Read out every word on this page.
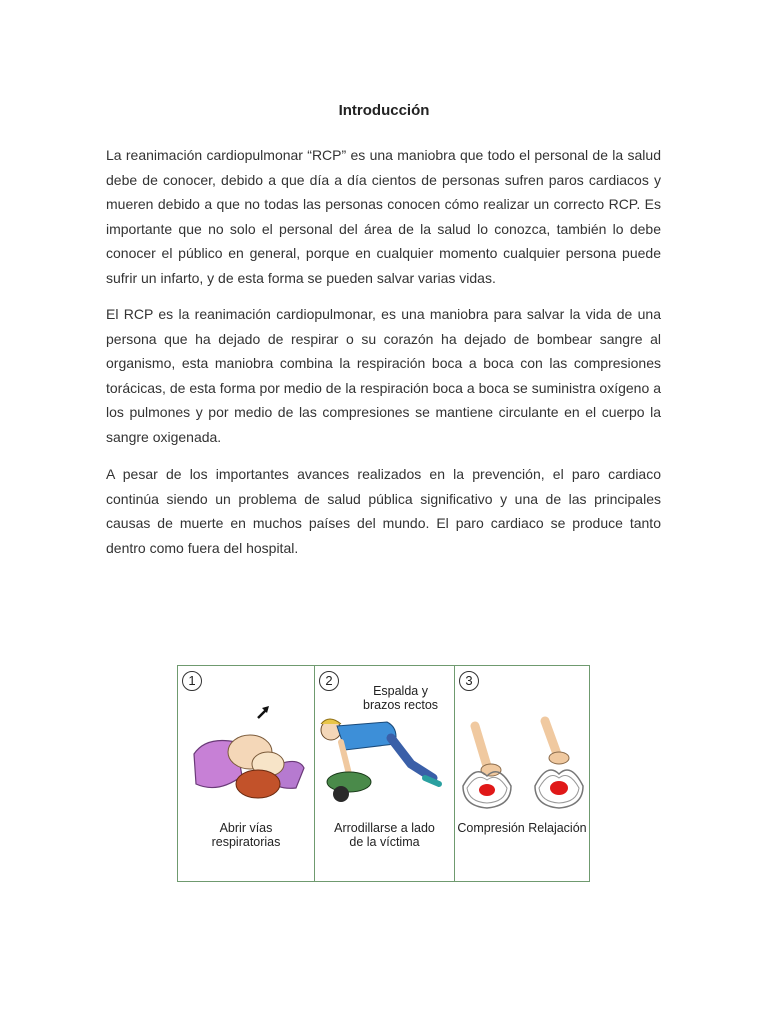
Introducción
La reanimación cardiopulmonar “RCP” es una maniobra que todo el personal de la salud debe de conocer, debido a que día a día cientos de personas sufren paros cardiacos y mueren debido a que no todas las personas conocen cómo realizar un correcto RCP. Es importante que no solo el personal del área de la salud lo conozca, también lo debe conocer el público en general, porque en cualquier momento cualquier persona puede sufrir un infarto, y de esta forma se pueden salvar varias vidas.
El RCP es la reanimación cardiopulmonar, es una maniobra para salvar la vida de una persona que ha dejado de respirar o su corazón ha dejado de bombear sangre al organismo, esta maniobra combina la respiración boca a boca con las compresiones torácicas, de esta forma por medio de la respiración boca a boca se suministra oxígeno a los pulmones y por medio de las compresiones se mantiene circulante en el cuerpo la sangre oxigenada.
A pesar de los importantes avances realizados en la prevención, el paro cardiaco continúa siendo un problema de salud pública significativo y una de las principales causas de muerte en muchos países del mundo. El paro cardiaco se produce tanto dentro como fuera del hospital.
1
Abrir vías
respiratorias
2
Espalda y
brazos rectos
Arrodillarse a lado
de la víctima
3
Compresión Relajación
